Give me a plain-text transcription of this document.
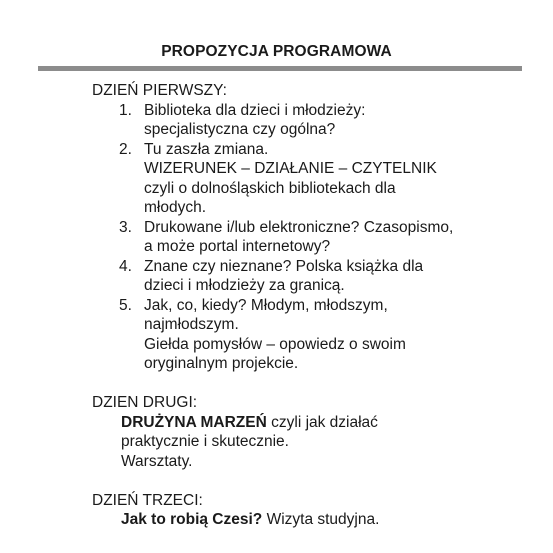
PROPOZYCJA PROGRAMOWA
DZIEŃ PIERWSZY:
1. Biblioteka dla dzieci i młodzieży:
specjalistyczna czy ogólna?
2. Tu zaszła zmiana.
WIZERUNEK – DZIAŁANIE – CZYTELNIK
czyli o dolnośląskich bibliotekach dla
młodych.
3. Drukowane i/lub elektroniczne? Czasopismo,
a może portal internetowy?
4. Znane czy nieznane? Polska książka dla
dzieci i młodzieży za granicą.
5. Jak, co, kiedy? Młodym, młodszym,
najmłodszym.
Giełda pomysłów – opowiedz o swoim
oryginalnym projekcie.
DZIEN DRUGI:
DRUŻYNA MARZEŃ czyli jak działać
praktycznie i skutecznie.
Warsztaty.
DZIEŃ TRZECI:
Jak to robią Czesi? Wizyta studyjna.
